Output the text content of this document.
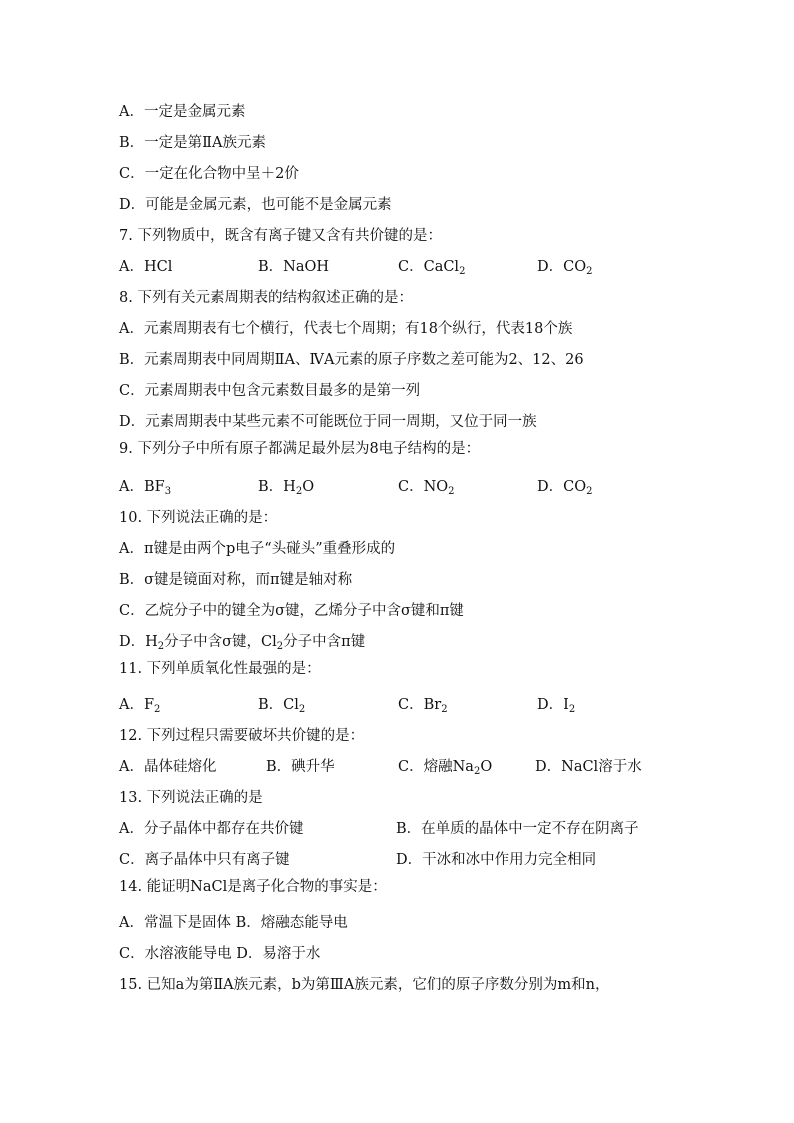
A．一定是金属元素
B．一定是第ⅡA族元素
C．一定在化合物中呈＋2价
D．可能是金属元素，也可能不是金属元素
7. 下列物质中，既含有离子键又含有共价键的是：
A．HCl	B．NaOH	C．CaCl$_2$	D．$CO_2$
8. 下列有关元素周期表的结构叙述正确的是：
A．元素周期表有七个横行，代表七个周期；有18个纵行，代表18个族
B．元素周期表中同周期ⅡA、ⅣA元素的原子序数之差可能为2、12、26
C．元素周期表中包含元素数目最多的是第一列
D．元素周期表中某些元素不可能既位于同一周期，又位于同一族
9. 下列分子中所有原子都满足最外层为8电子结构的是：
A．$BF_3$	B．$H_2O$	C．$NO_2$	D．$CO_2$
10. 下列说法正确的是：
A．π键是由两个p电子“头碰头”重叠形成的
B．σ键是镜面对称，而π键是轴对称
C．乙烷分子中的键全为σ键，乙烯分子中含σ键和π键
D．$H_2$分子中含σ键，$Cl_2$分子中含π键
11. 下列单质氧化性最强的是：
A．$F_2$	B．$Cl_2$	C．$Br_2$	D．$I_2$
12. 下列过程只需要破坏共价键的是：
A．晶体硅熔化	B．碘升华	C．熔融$Na_2O$	D．NaCl溶于水
13. 下列说法正确的是
A．分子晶体中都存在共价键	B．在单质的晶体中一定不存在阴离子
C．离子晶体中只有离子键	D．干冰和冰中作用力完全相同
14. 能证明NaCl是离子化合物的事实是：
A．常温下是固体 B．熔融态能导电
C．水溶液能导电 D．易溶于水
15. 已知a为第ⅡA族元素，b为第ⅢA族元素，它们的原子序数分别为m和n，
